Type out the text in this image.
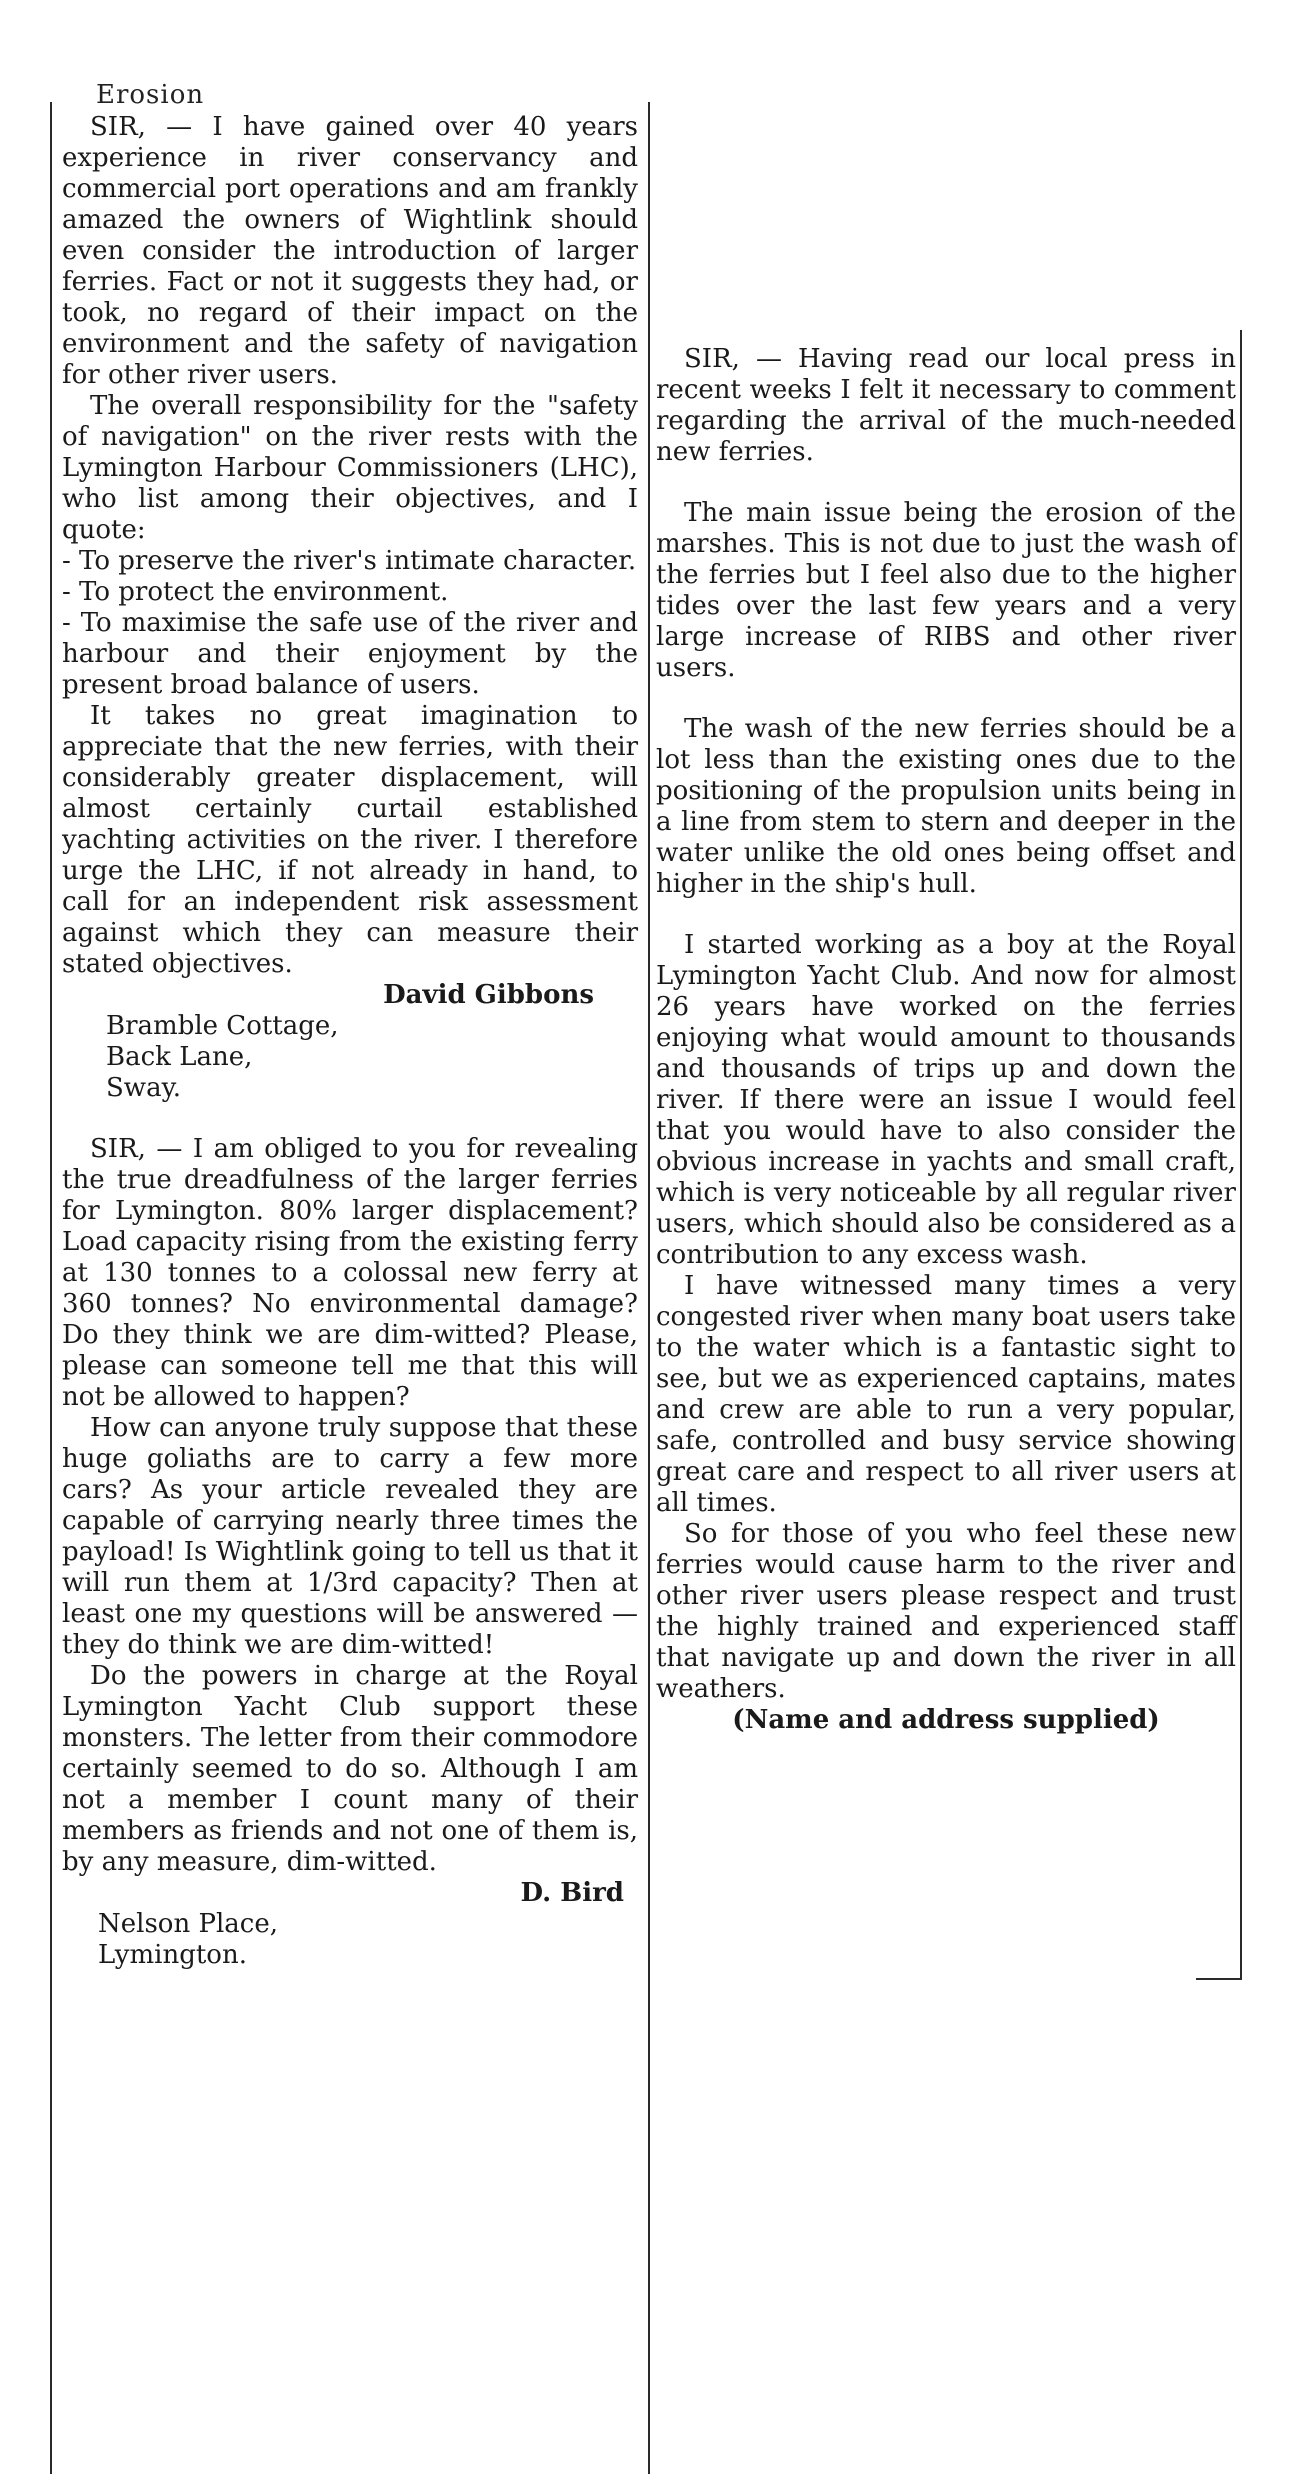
Erosion

SIR, — I have gained over 40 years experience in river conservancy and commercial port operations and am frankly amazed the owners of Wightlink should even consider the introduction of larger ferries. Fact or not it suggests they had, or took, no regard of their impact on the environment and the safety of navigation for other river users.

The overall responsibility for the "safety of navigation" on the river rests with the Lymington Harbour Commissioners (LHC), who list among their objectives, and I quote:

- To preserve the river's intimate character.

- To protect the environment.

- To maximise the safe use of the river and harbour and their enjoyment by the present broad balance of users.

It takes no great imagination to appreciate that the new ferries, with their considerably greater displacement, will almost certainly curtail established yachting activities on the river. I therefore urge the LHC, if not already in hand, to call for an independent risk assessment against which they can measure their stated objectives.

David Gibbons

Bramble Cottage,

Back Lane,

Sway.

SIR, — I am obliged to you for revealing the true dreadfulness of the larger ferries for Lymington. 80% larger displacement? Load capacity rising from the existing ferry at 130 tonnes to a colossal new ferry at 360 tonnes? No environmental damage? Do they think we are dim-witted? Please, please can someone tell me that this will not be allowed to happen?

How can anyone truly suppose that these huge goliaths are to carry a few more cars? As your article revealed they are capable of carrying nearly three times the payload! Is Wightlink going to tell us that it will run them at 1/3rd capacity? Then at least one my questions will be answered — they do think we are dim-witted!

Do the powers in charge at the Royal Lymington Yacht Club support these monsters. The letter from their commodore certainly seemed to do so. Although I am not a member I count many of their members as friends and not one of them is, by any measure, dim-witted.

D. Bird

Nelson Place,

Lymington.

SIR, — Having read our local press in recent weeks I felt it necessary to comment regarding the arrival of the much-needed new ferries.

The main issue being the erosion of the marshes. This is not due to just the wash of the ferries but I feel also due to the higher tides over the last few years and a very large increase of RIBS and other river users.

The wash of the new ferries should be a lot less than the existing ones due to the positioning of the propulsion units being in a line from stem to stern and deeper in the water unlike the old ones being offset and higher in the ship's hull.

I started working as a boy at the Royal Lymington Yacht Club. And now for almost 26 years have worked on the ferries enjoying what would amount to thousands and thousands of trips up and down the river. If there were an issue I would feel that you would have to also consider the obvious increase in yachts and small craft, which is very noticeable by all regular river users, which should also be considered as a contribution to any excess wash.

I have witnessed many times a very congested river when many boat users take to the water which is a fantastic sight to see, but we as experienced captains, mates and crew are able to run a very popular, safe, controlled and busy service showing great care and respect to all river users at all times.

So for those of you who feel these new ferries would cause harm to the river and other river users please respect and trust the highly trained and experienced staff that navigate up and down the river in all weathers.

(Name and address supplied)
